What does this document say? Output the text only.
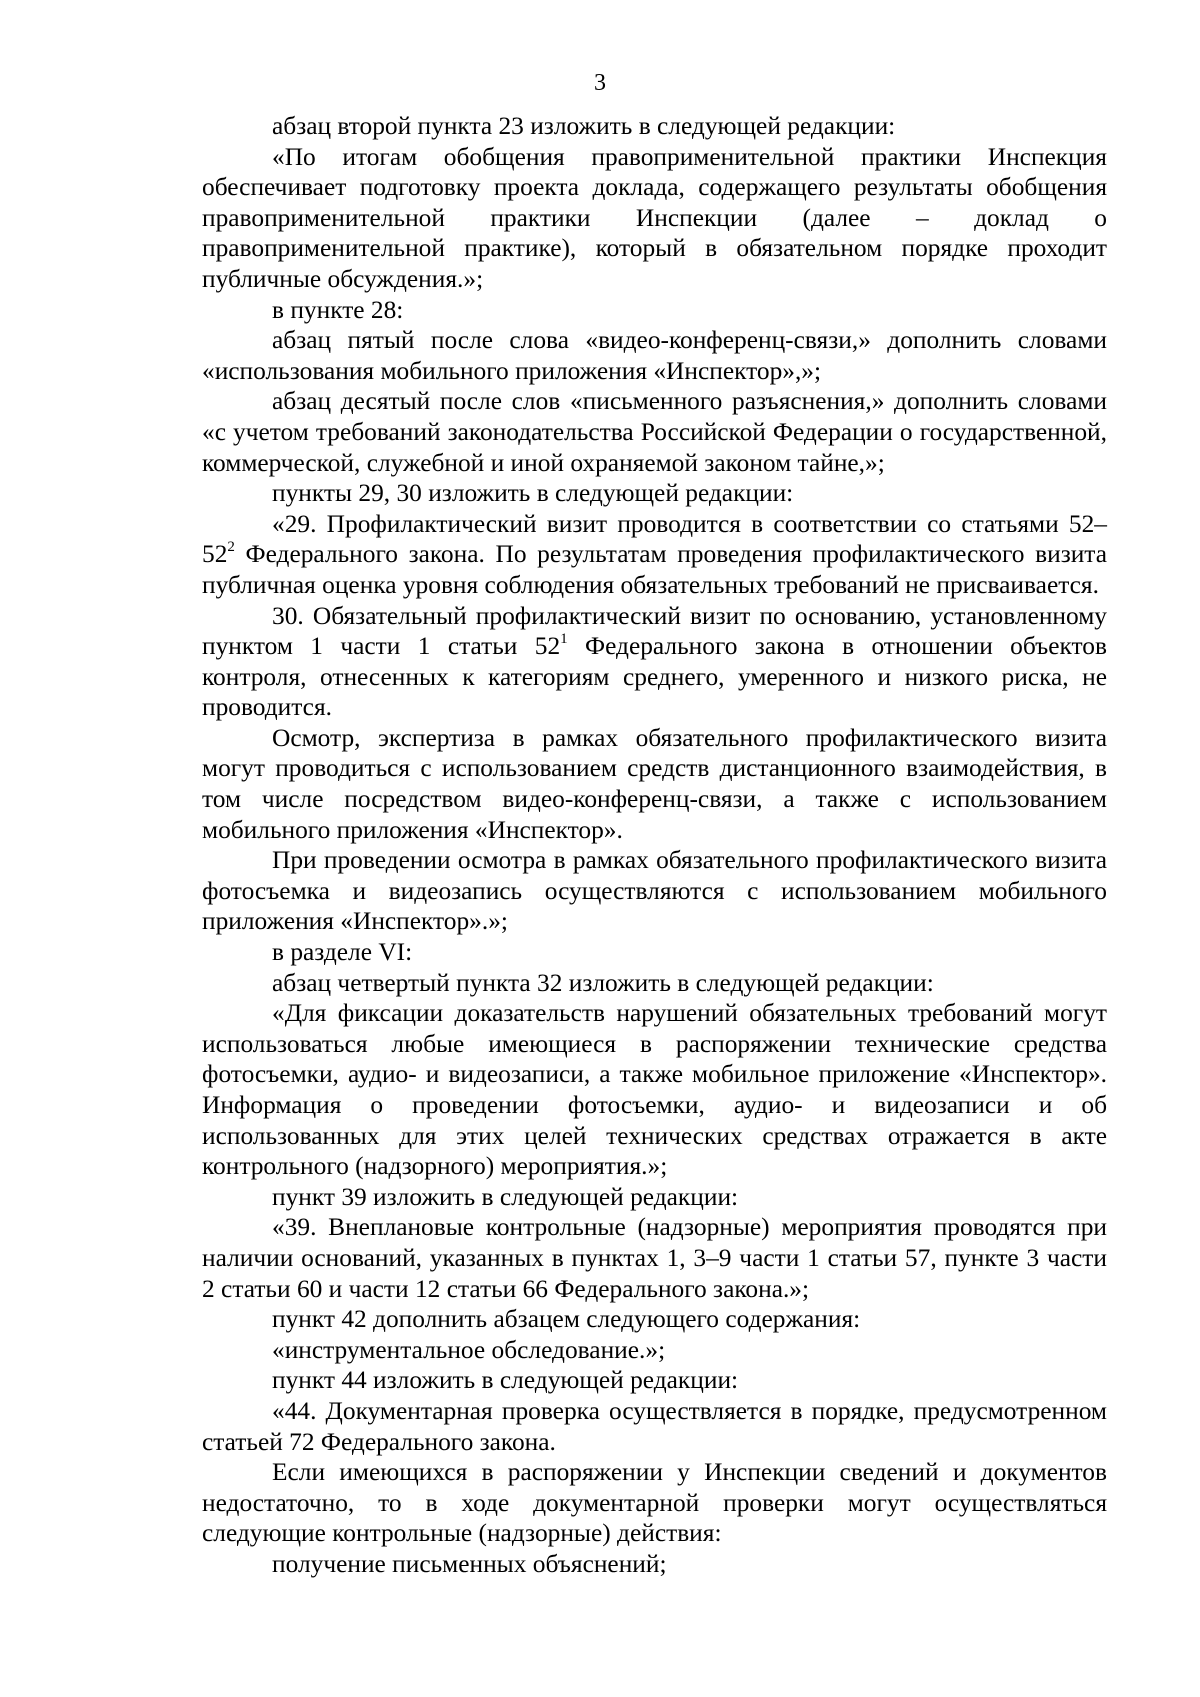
3

абзац второй пункта 23 изложить в следующей редакции:

«По итогам обобщения правоприменительной практики Инспекция обеспечивает подготовку проекта доклада, содержащего результаты обобщения правоприменительной практики Инспекции (далее – доклад о правоприменительной практике), который в обязательном порядке проходит публичные обсуждения.»;

в пункте 28:

абзац пятый после слова «видео-конференц-связи,» дополнить словами «использования мобильного приложения «Инспектор»,»;

абзац десятый после слов «письменного разъяснения,» дополнить словами «с учетом требований законодательства Российской Федерации о государственной, коммерческой, служебной и иной охраняемой законом тайне,»;

пункты 29, 30 изложить в следующей редакции:

«29. Профилактический визит проводится в соответствии со статьями $52-52^2$ Федерального закона. По результатам проведения профилактического визита публичная оценка уровня соблюдения обязательных требований не присваивается.

30. Обязательный профилактический визит по основанию, установленному пунктом 1 части 1 статьи $52^1$ Федерального закона в отношении объектов контроля, отнесенных к категориям среднего, умеренного и низкого риска, не проводится.

Осмотр, экспертиза в рамках обязательного профилактического визита могут проводиться с использованием средств дистанционного взаимодействия, в том числе посредством видео-конференц-связи, а также с использованием мобильного приложения «Инспектор».

При проведении осмотра в рамках обязательного профилактического визита фотосъемка и видеозапись осуществляются с использованием мобильного приложения «Инспектор».»;

в разделе VI:

абзац четвертый пункта 32 изложить в следующей редакции:

«Для фиксации доказательств нарушений обязательных требований могут использоваться любые имеющиеся в распоряжении технические средства фотосъемки, аудио- и видеозаписи, а также мобильное приложение «Инспектор». Информация о проведении фотосъемки, аудио- и видеозаписи и об использованных для этих целей технических средствах отражается в акте контрольного (надзорного) мероприятия.»;

пункт 39 изложить в следующей редакции:

«39. Внеплановые контрольные (надзорные) мероприятия проводятся при наличии оснований, указанных в пунктах 1, 3–9 части 1 статьи 57, пункте 3 части 2 статьи 60 и части 12 статьи 66 Федерального закона.»;

пункт 42 дополнить абзацем следующего содержания:

«инструментальное обследование.»;

пункт 44 изложить в следующей редакции:

«44. Документарная проверка осуществляется в порядке, предусмотренном статьей 72 Федерального закона.

Если имеющихся в распоряжении у Инспекции сведений и документов недостаточно, то в ходе документарной проверки могут осуществляться следующие контрольные (надзорные) действия:

получение письменных объяснений;
